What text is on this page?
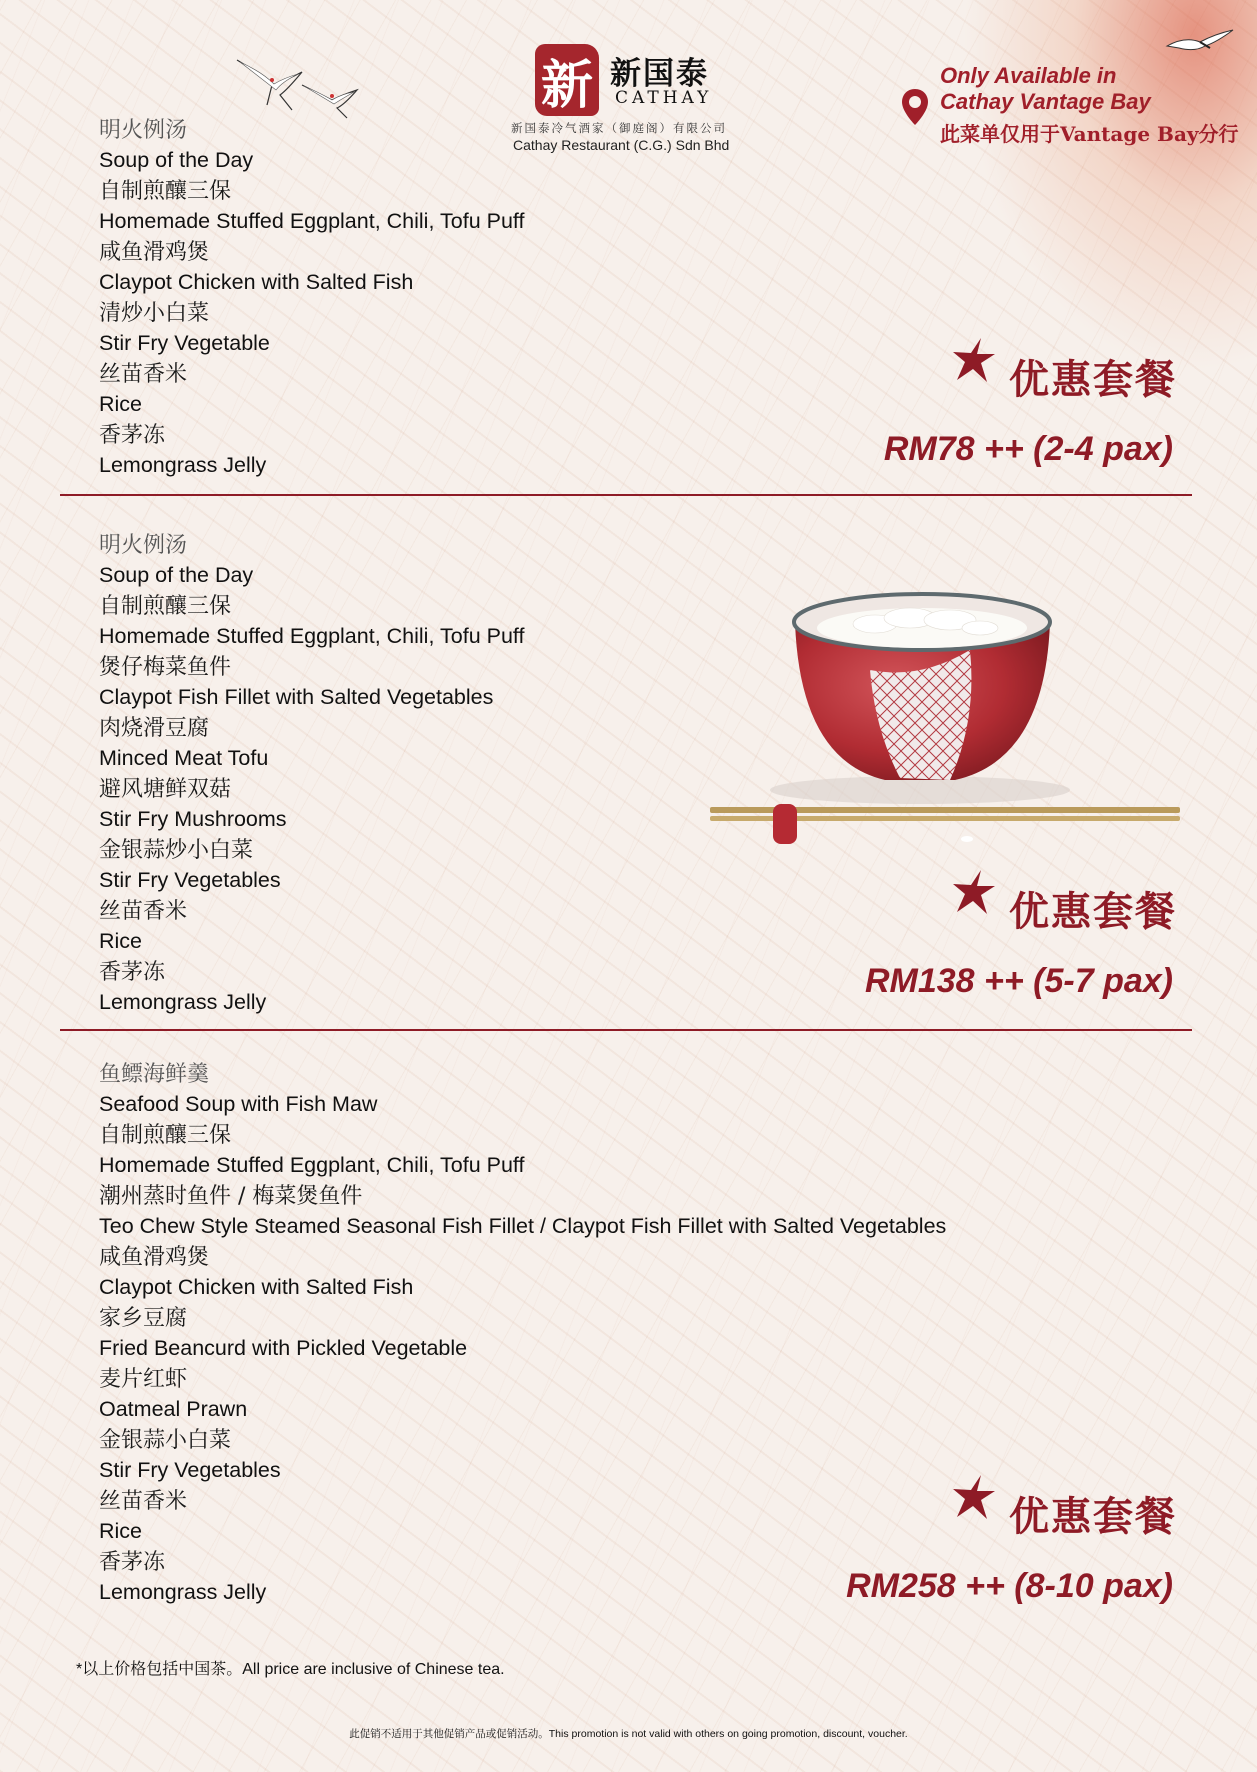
新 新国泰
CATHAY
新国泰冷气酒家（御庭阁）有限公司
Cathay Restaurant (C.G.) Sdn Bhd
Only Available in
Cathay Vantage Bay
此菜单仅用于Vantage Bay分行
明火例汤
Soup of the Day
自制煎釀三保
Homemade Stuffed Eggplant, Chili, Tofu Puff
咸鱼滑鸡煲
Claypot Chicken with Salted Fish
清炒小白菜
Stir Fry Vegetable
丝苗香米
Rice
香茅冻
Lemongrass Jelly
优惠套餐
RM78 ++ (2-4 pax)
明火例汤
Soup of the Day
自制煎釀三保
Homemade Stuffed Eggplant, Chili, Tofu Puff
煲仔梅菜鱼件
Claypot Fish Fillet with Salted Vegetables
肉烧滑豆腐
Minced Meat Tofu
避风塘鲜双菇
Stir Fry Mushrooms
金银蒜炒小白菜
Stir Fry Vegetables
丝苗香米
Rice
香茅冻
Lemongrass Jelly
优惠套餐
RM138 ++ (5-7 pax)
鱼鳔海鲜羹
Seafood Soup with Fish Maw
自制煎釀三保
Homemade Stuffed Eggplant, Chili, Tofu Puff
潮州蒸时鱼件 / 梅菜煲鱼件
Teo Chew Style Steamed Seasonal Fish Fillet / Claypot Fish Fillet with Salted Vegetables
咸鱼滑鸡煲
Claypot Chicken with Salted Fish
家乡豆腐
Fried Beancurd with Pickled Vegetable
麦片红虾
Oatmeal Prawn
金银蒜小白菜
Stir Fry Vegetables
丝苗香米
Rice
香茅冻
Lemongrass Jelly
优惠套餐
RM258 ++ (8-10 pax)
*以上价格包括中国茶。All price are inclusive of Chinese tea.
此促销不适用于其他促销产品或促销活动。This promotion is not valid with others on going promotion, discount, voucher.
